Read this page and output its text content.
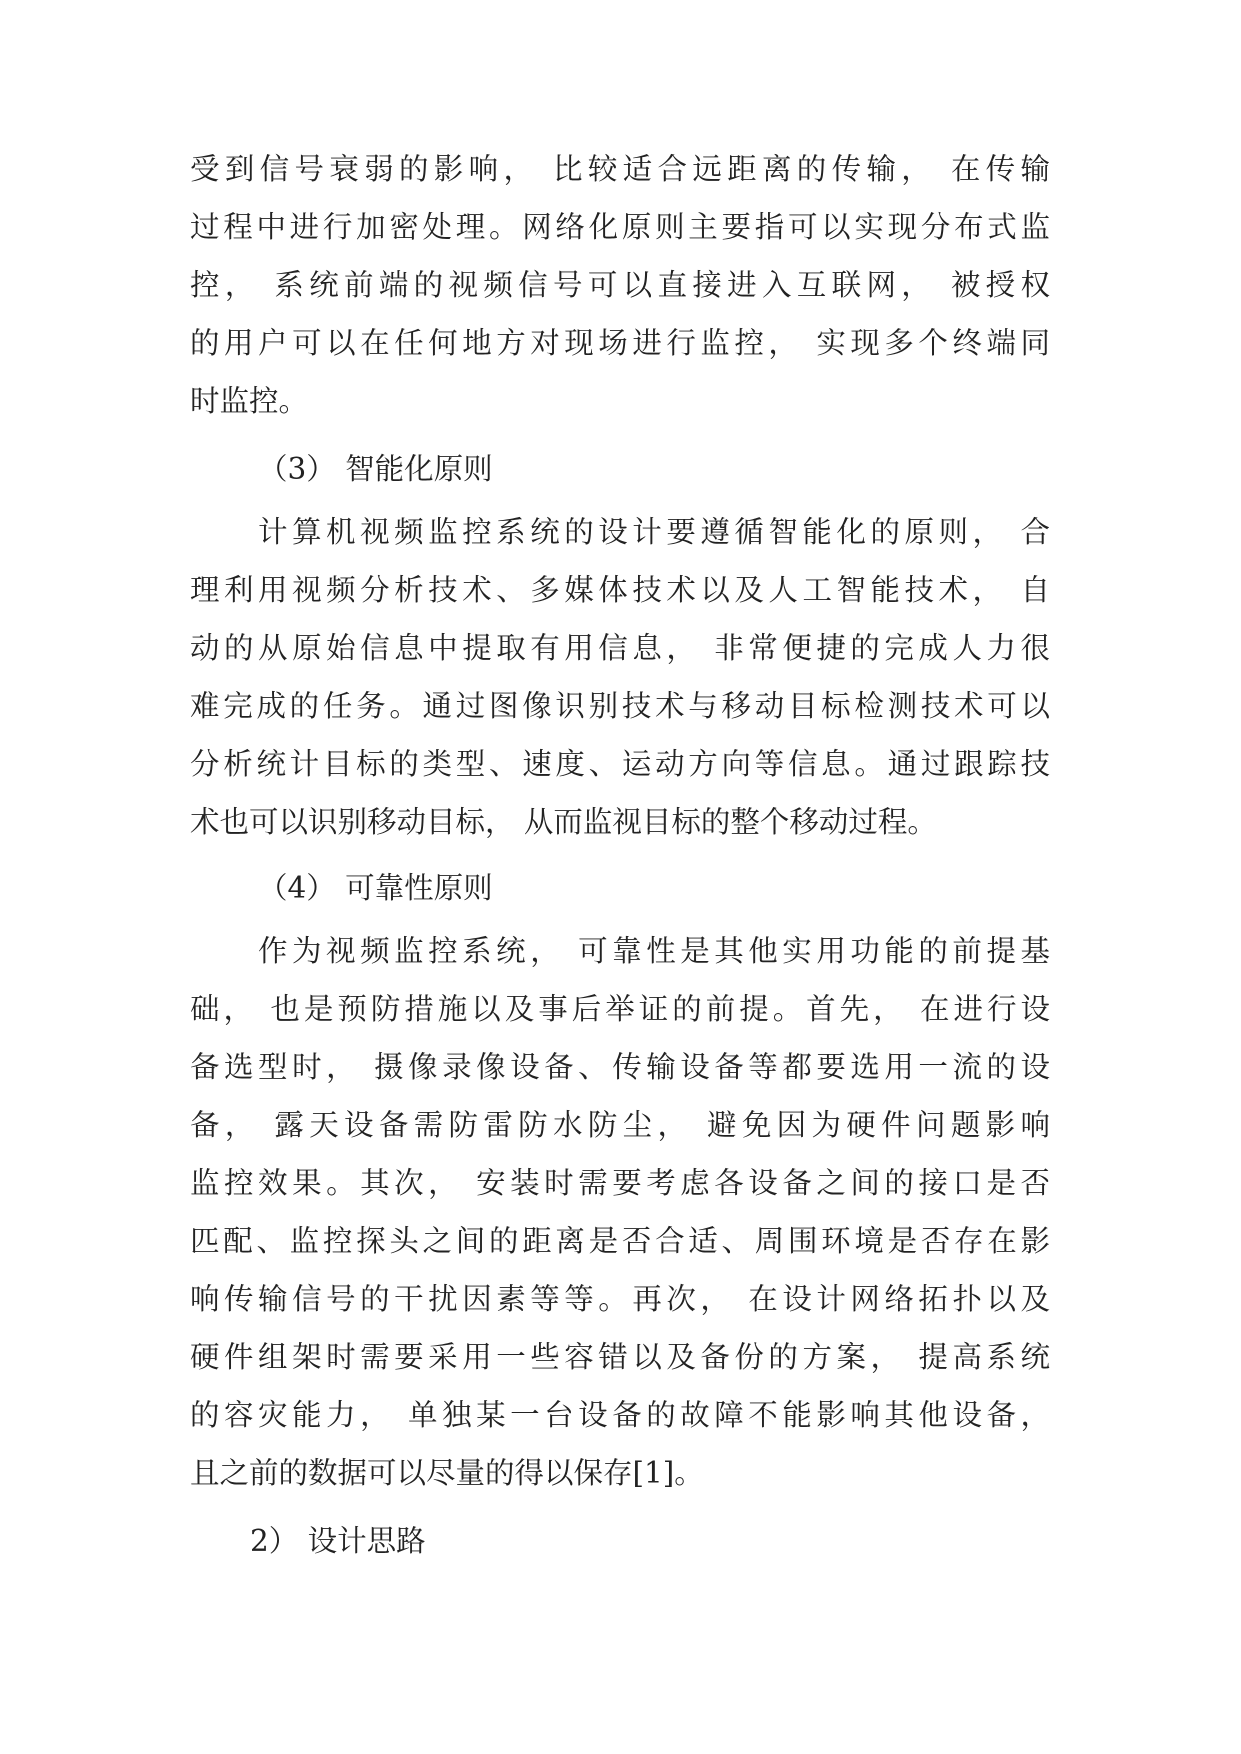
受到信号衰弱的影响， 比较适合远距离的传输， 在传输
过程中进行加密处理。网络化原则主要指可以实现分布式监
控， 系统前端的视频信号可以直接进入互联网， 被授权
的用户可以在任何地方对现场进行监控， 实现多个终端同
时监控。
（3） 智能化原则
计算机视频监控系统的设计要遵循智能化的原则， 合
理利用视频分析技术、多媒体技术以及人工智能技术， 自
动的从原始信息中提取有用信息， 非常便捷的完成人力很
难完成的任务。通过图像识别技术与移动目标检测技术可以
分析统计目标的类型、速度、运动方向等信息。通过跟踪技
术也可以识别移动目标， 从而监视目标的整个移动过程。
（4） 可靠性原则
作为视频监控系统， 可靠性是其他实用功能的前提基
础， 也是预防措施以及事后举证的前提。首先， 在进行设
备选型时， 摄像录像设备、传输设备等都要选用一流的设
备， 露天设备需防雷防水防尘， 避免因为硬件问题影响
监控效果。其次， 安装时需要考虑各设备之间的接口是否
匹配、监控探头之间的距离是否合适、周围环境是否存在影
响传输信号的干扰因素等等。再次， 在设计网络拓扑以及
硬件组架时需要采用一些容错以及备份的方案， 提高系统
的容灾能力， 单独某一台设备的故障不能影响其他设备，
且之前的数据可以尽量的得以保存[1]。
2） 设计思路
